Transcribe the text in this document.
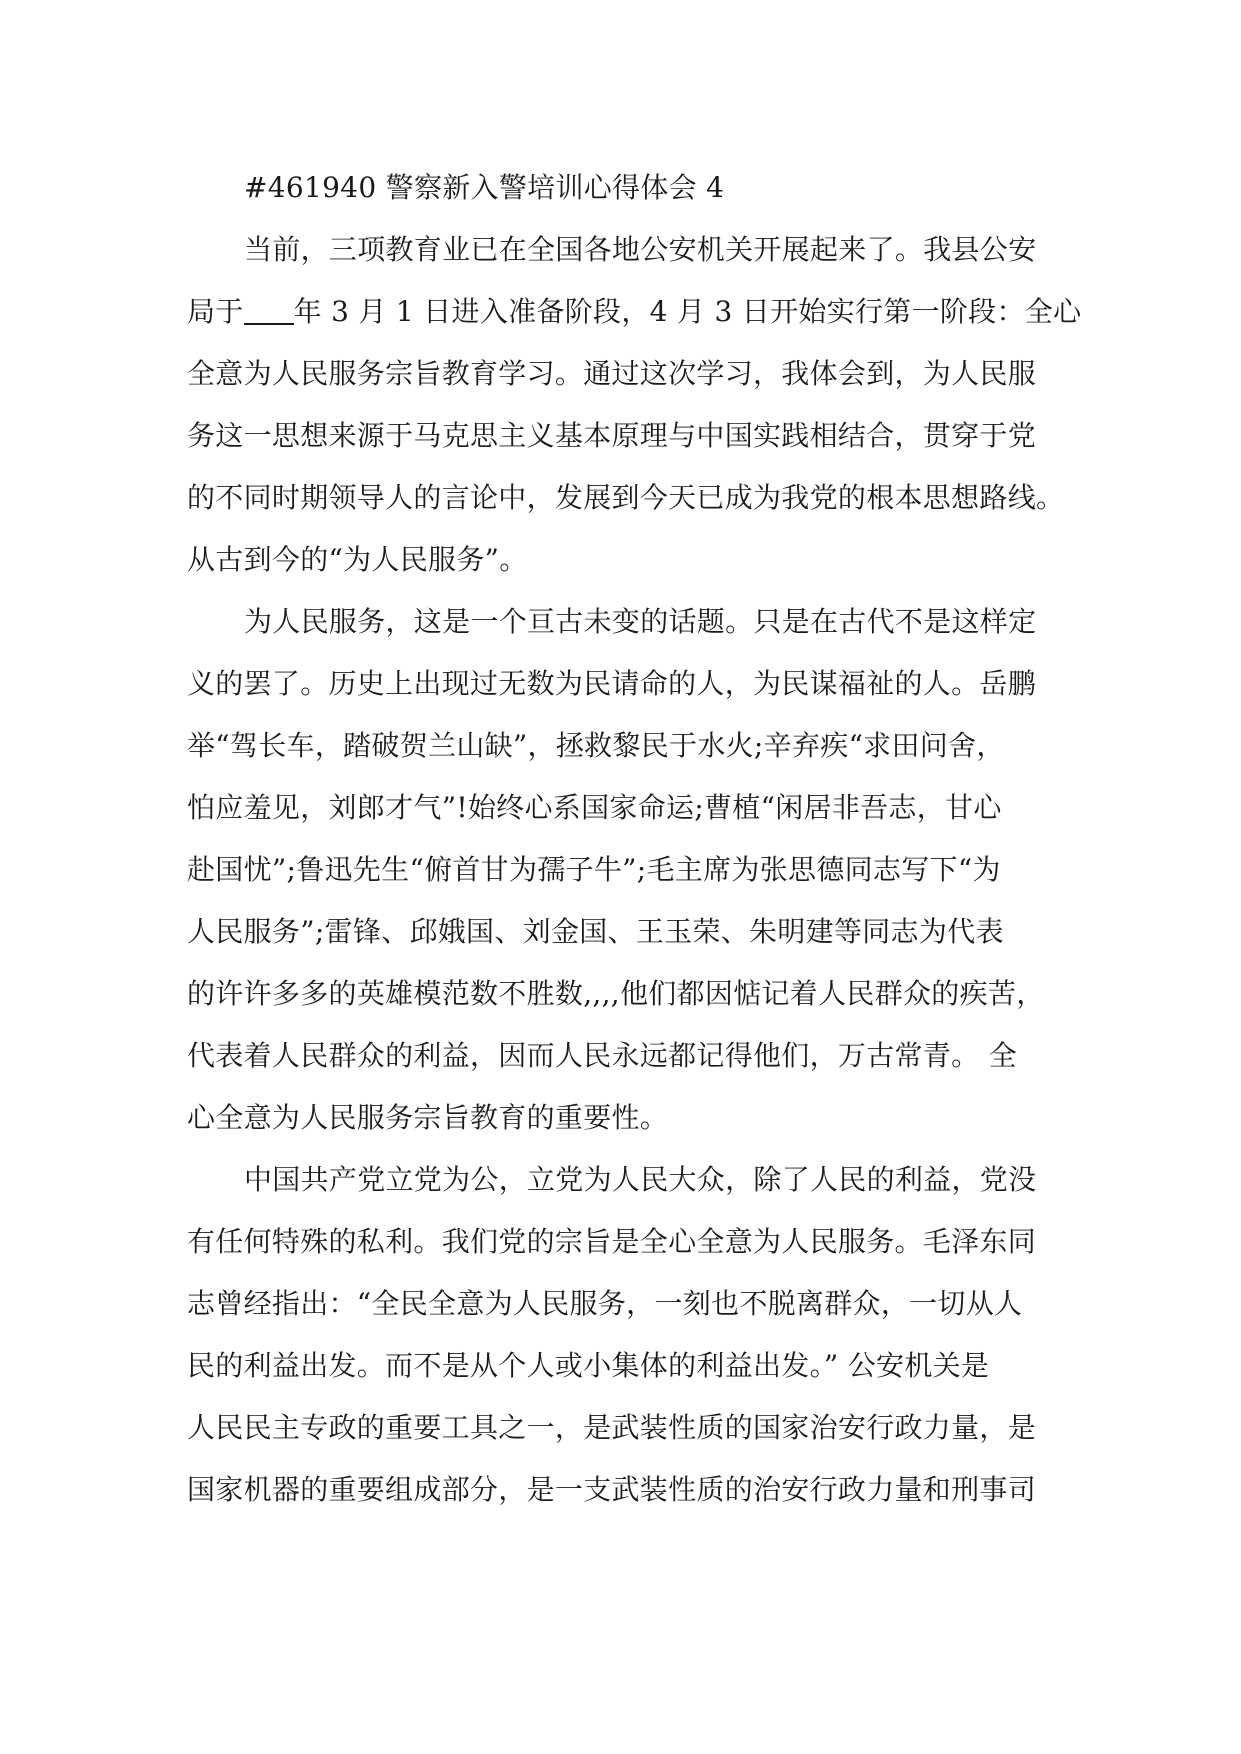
#461940 警察新入警培训心得体会 4
当前，三项教育业已在全国各地公安机关开展起来了。我县公安
局于 年 3 月 1 日进入准备阶段，4 月 3 日开始实行第一阶段：全心
全意为人民服务宗旨教育学习。通过这次学习，我体会到，为人民服
务这一思想来源于马克思主义基本原理与中国实践相结合，贯穿于党
的不同时期领导人的言论中，发展到今天已成为我党的根本思想路线。
从古到今的“为人民服务”。
为人民服务，这是一个亘古未变的话题。只是在古代不是这样定
义的罢了。历史上出现过无数为民请命的人，为民谋福祉的人。岳鹏
举“驾长车，踏破贺兰山缺”，拯救黎民于水火;辛弃疾“求田问舍，
怕应羞见，刘郎才气”!始终心系国家命运;曹植“闲居非吾志，甘心
赴国忧”;鲁迅先生“俯首甘为孺子牛”;毛主席为张思德同志写下“为
人民服务”;雷锋、邱娥国、刘金国、王玉荣、朱明建等同志为代表
的许许多多的英雄模范数不胜数,,,,他们都因惦记着人民群众的疾苦，
代表着人民群众的利益，因而人民永远都记得他们，万古常青。 全
心全意为人民服务宗旨教育的重要性。
中国共产党立党为公，立党为人民大众，除了人民的利益，党没
有任何特殊的私利。我们党的宗旨是全心全意为人民服务。毛泽东同
志曾经指出：“全民全意为人民服务，一刻也不脱离群众，一切从人
民的利益出发。而不是从个人或小集体的利益出发。” 公安机关是
人民民主专政的重要工具之一，是武装性质的国家治安行政力量，是
国家机器的重要组成部分，是一支武装性质的治安行政力量和刑事司
